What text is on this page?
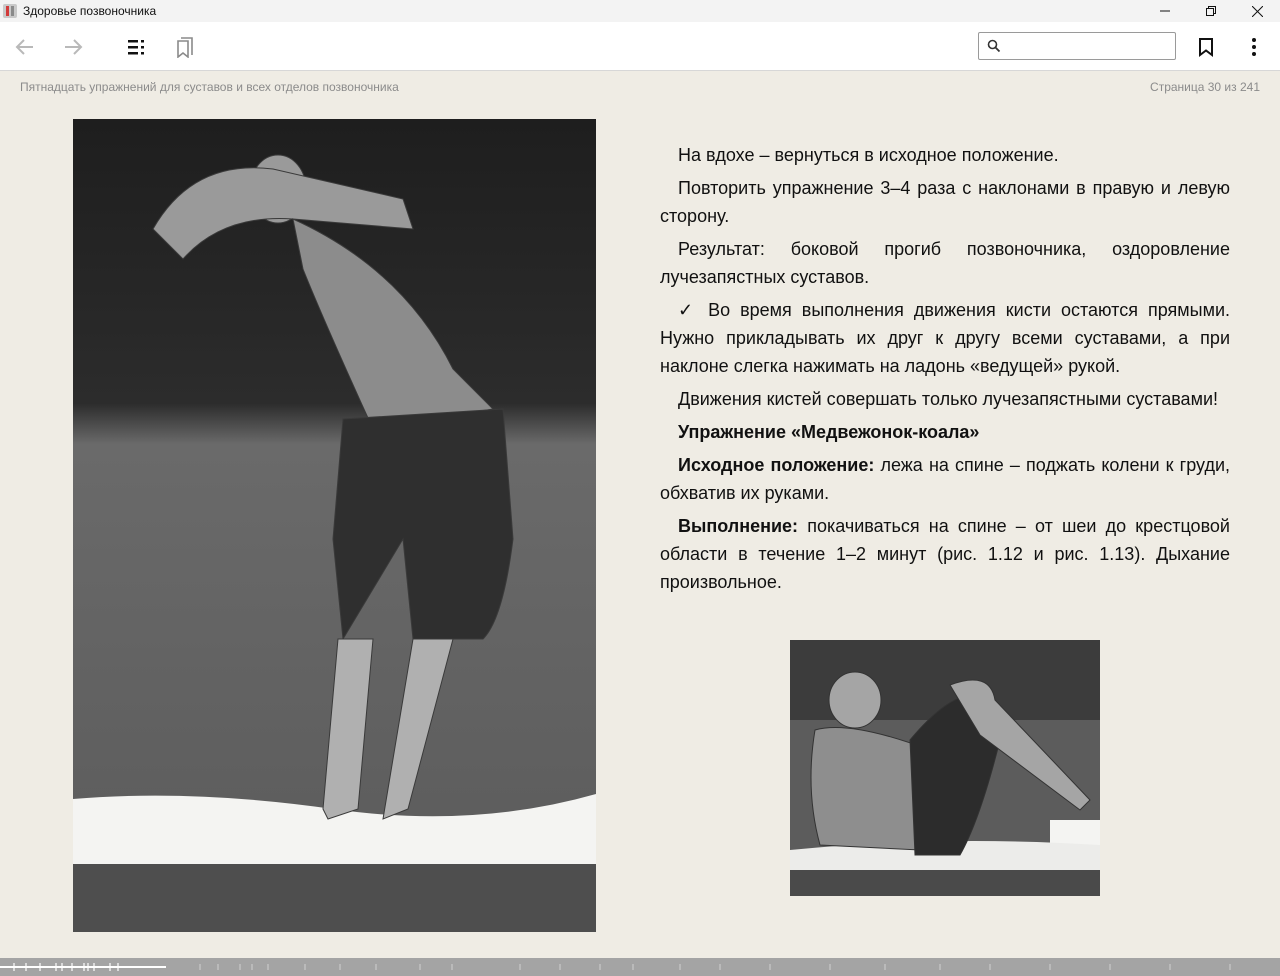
Здоровье позвоночника
Пятнадцать упражнений для суставов и всех отделов позвоночника	Страница 30 из 241

На вдохе – вернуться в исходное положение.

Повторить упражнение 3–4 раза с наклонами в правую и левую сторону.

Результат: боковой прогиб позвоночника, оздоровление лучезапястных суставов.

✓ Во время выполнения движения кисти остаются прямыми. Нужно прикладывать их друг к другу всеми суставами, а при наклоне слегка нажимать на ладонь «ведущей» рукой.

Движения кистей совершать только лучезапястными суставами!

Упражнение «Медвежонок-коала»

Исходное положение: лежа на спине – поджать колени к груди, обхватив их руками.

Выполнение: покачиваться на спине – от шеи до крестцовой области в течение 1–2 минут (рис. 1.12 и рис. 1.13). Дыхание произвольное.
